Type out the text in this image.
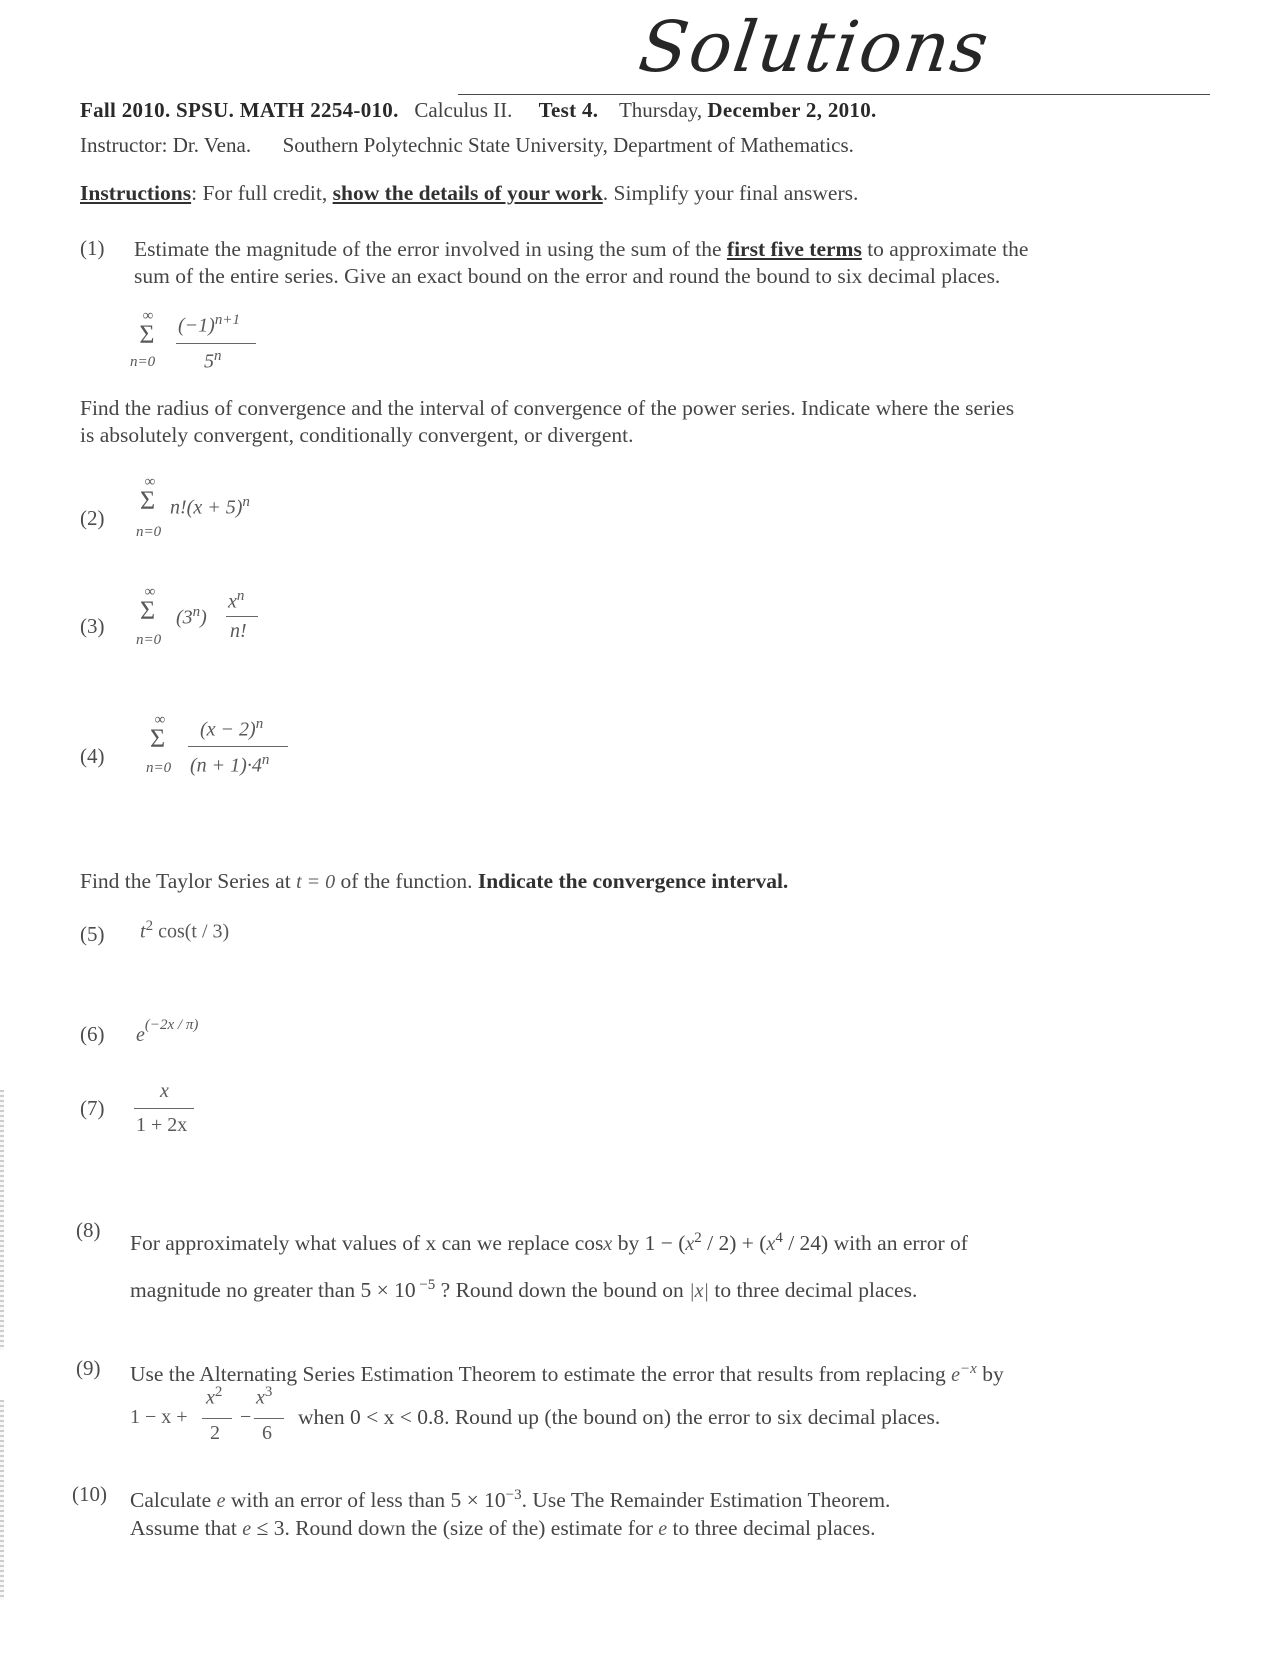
Solutions
Fall 2010. SPSU. MATH 2254-010. Calculus II. Test 4. Thursday, December 2, 2010.
Instructor: Dr. Vena. Southern Polytechnic State University, Department of Mathematics.
Instructions: For full credit, show the details of your work. Simplify your final answers.
(1) Estimate the magnitude of the error involved in using the sum of the first five terms to approximate the
sum of the entire series. Give an exact bound on the error and round the bound to six decimal places.
∞
Σ
n=0
$(-1)^{n+1}$
5$^n$
Find the radius of convergence and the interval of convergence of the power series. Indicate where the series
is absolutely convergent, conditionally convergent, or divergent.
(2)
∞
Σ
n=0
$n!(x + 5)^n$
(3)
∞
Σ
n=0
(3$^n$)
$x^n$
n!
(4)
∞
Σ
n=0
$(x - 2)^n$
$(n + 1)\cdot 4^n$
Find the Taylor Series at t = 0 of the function. Indicate the convergence interval.
(5) $t^2$ cos(t / 3)
(6) e(−2x / π)
(7)
x
1 + 2x
(8)
For approximately what values of x can we replace cosx by $1 - (x^2 / 2) + (x^4 / 24)$ with an error of
magnitude no greater than 5 × 10 $^{-5}$ ? Round down the bound on |x| to three decimal places.
(9) Use the Alternating Series Estimation Theorem to estimate the error that results from replacing $e^{-x}$ by
1 − x +
$x^2$
2
−
$x^3$
6
when 0 < x < 0.8. Round up (the bound on) the error to six decimal places.
(10) Calculate e with an error of less than $5 \times 10^{-3}$. Use The Remainder Estimation Theorem.
Assume that e ≤ 3. Round down the (size of the) estimate for e to three decimal places.
